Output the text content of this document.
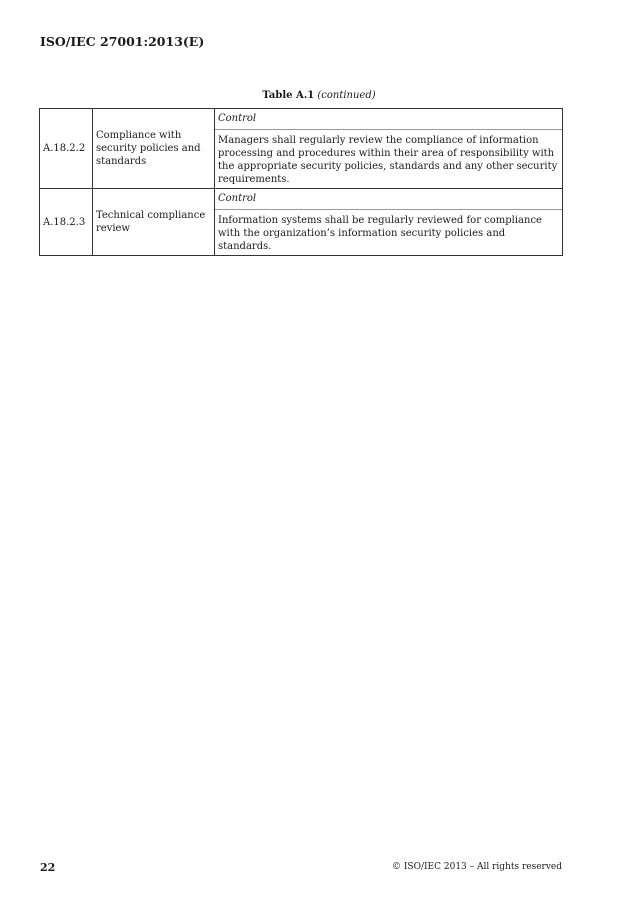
ISO/IEC 27001:2013(E)
Table A.1 (continued)
A.18.2.2	Compliance with security policies and standards	Control
Managers shall regularly review the compliance of information processing and procedures within their area of responsibility with the appropriate security policies, standards and any other security requirements.

A.18.2.3	Technical compliance review	Control
Information systems shall be regularly reviewed for compliance with the organization’s information security policies and standards.
22	© ISO/IEC 2013 – All rights reserved
